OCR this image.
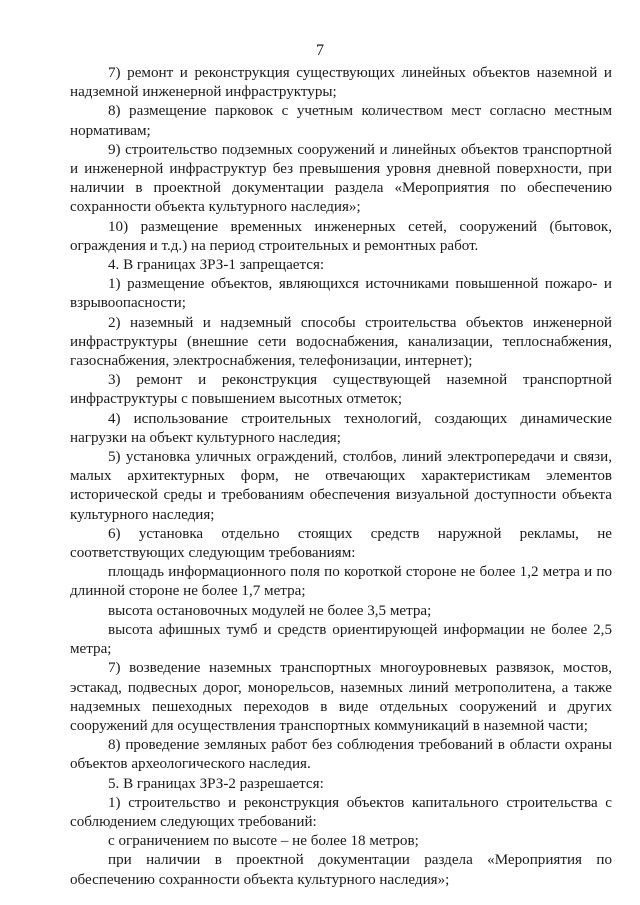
7

7) ремонт и реконструкция существующих линейных объектов наземной и надземной инженерной инфраструктуры;

8) размещение парковок с учетным количеством мест согласно местным нормативам;

9) строительство подземных сооружений и линейных объектов транспортной и инженерной инфраструктур без превышения уровня дневной поверхности, при наличии в проектной документации раздела «Мероприятия по обеспечению сохранности объекта культурного наследия»;

10) размещение временных инженерных сетей, сооружений (бытовок, ограждения и т.д.) на период строительных и ремонтных работ.

4. В границах ЗРЗ-1 запрещается:

1) размещение объектов, являющихся источниками повышенной пожаро- и взрывоопасности;

2) наземный и надземный способы строительства объектов инженерной инфраструктуры (внешние сети водоснабжения, канализации, теплоснабжения, газоснабжения, электроснабжения, телефонизации, интернет);

3) ремонт и реконструкция существующей наземной транспортной инфраструктуры с повышением высотных отметок;

4) использование строительных технологий, создающих динамические нагрузки на объект культурного наследия;

5) установка уличных ограждений, столбов, линий электропередачи и связи, малых архитектурных форм, не отвечающих характеристикам элементов исторической среды и требованиям обеспечения визуальной доступности объекта культурного наследия;

6) установка отдельно стоящих средств наружной рекламы, не соответствующих следующим требованиям:

площадь информационного поля по короткой стороне не более 1,2 метра и по длинной стороне не более 1,7 метра;

высота остановочных модулей не более 3,5 метра;

высота афишных тумб и средств ориентирующей информации не более 2,5 метра;

7) возведение наземных транспортных многоуровневых развязок, мостов, эстакад, подвесных дорог, монорельсов, наземных линий метрополитена, а также надземных пешеходных переходов в виде отдельных сооружений и других сооружений для осуществления транспортных коммуникаций в наземной части;

8) проведение земляных работ без соблюдения требований в области охраны объектов археологического наследия.

5. В границах ЗРЗ-2 разрешается:

1) строительство и реконструкция объектов капитального строительства с соблюдением следующих требований:

с ограничением по высоте – не более 18 метров;

при наличии в проектной документации раздела «Мероприятия по обеспечению сохранности объекта культурного наследия»;
